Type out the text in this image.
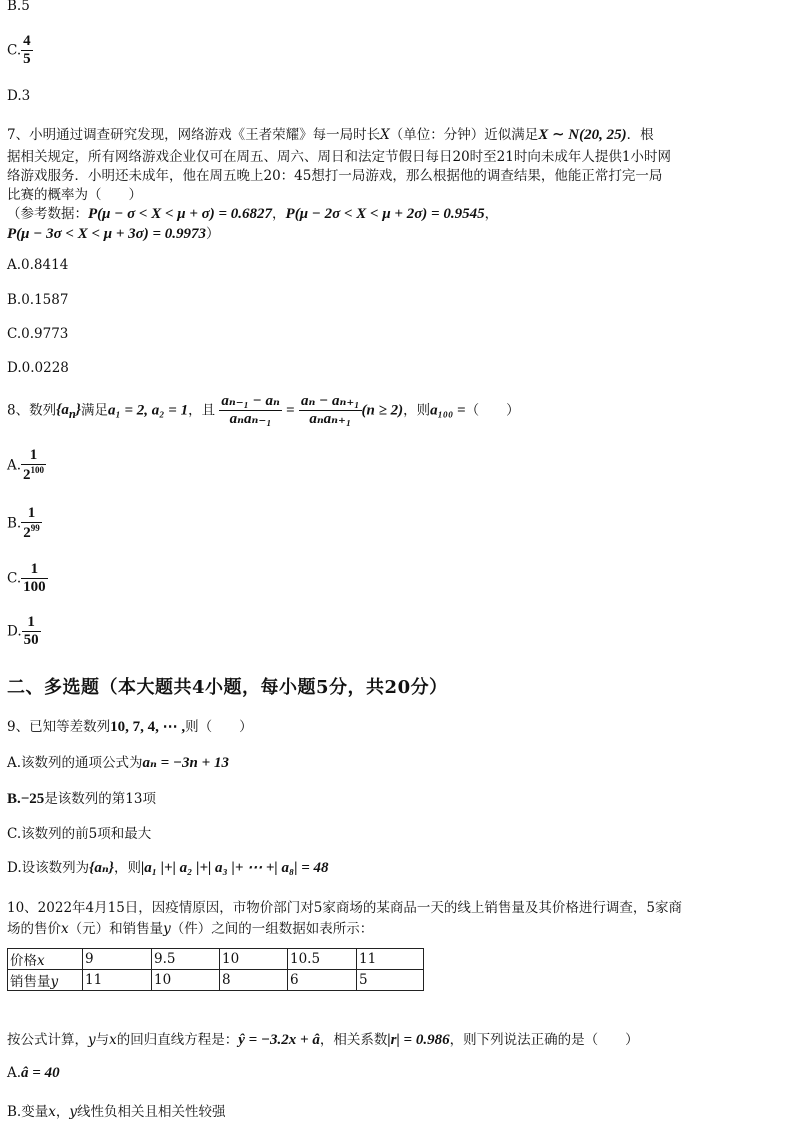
B.5
C. $\frac{4}{5}$
D.3
7、小明通过调查研究发现，网络游戏《王者荣耀》每一局时长X（单位：分钟）近似满足X ∼ N(20, 25)．根
据相关规定，所有网络游戏企业仅可在周五、周六、周日和法定节假日每日20时至21时向未成年人提供1小时网
络游戏服务．小明还未成年，他在周五晚上20：45想打一局游戏，那么根据他的调查结果，他能正常打完一局
比赛的概率为（　　）
（参考数据：P(μ − σ < X < μ + σ) = 0.6827，P(μ − 2σ < X < μ + 2σ) = 0.9545，
P(μ − 3σ < X < μ + 3σ) = 0.9973）
A.0.8414
B.0.1587
C.0.9773
D.0.0228
8、数列$\{a_n\}$满足a₁ = 2, a₂ = 1，且 $\frac{\text{aₙ₋₁ − aₙ}}{\text{aₙaₙ₋₁}} = \frac{\text{aₙ − aₙ₊₁}}{\text{aₙaₙ₊₁}} (n \ge 2)$，则a₁₀₀ =（　　）
A. $\frac{1}{2^{100}}$
B. $\frac{1}{2^{99}}$
C. $\frac{1}{100}$
D. $\frac{1}{50}$
二、多选题（本大题共4小题，每小题5分，共20分）
9、已知等差数列10, 7, 4, ⋯ ,则（　　）
A.该数列的通项公式为aₙ = −3n + 13
B.−25是该数列的第13项
C.该数列的前5项和最大
D.设该数列为{aₙ}，则|a₁ |+| a₂ |+| a₃ |+ ⋯ +| a₈| = 48
10、2022年4月15日，因疫情原因，市物价部门对5家商场的某商品一天的线上销售量及其价格进行调查，5家商
场的售价x（元）和销售量y（件）之间的一组数据如表所示：
价格x	9	9.5	10	10.5	11
销售量y	11	10	8	6	5
按公式计算，y与x的回归直线方程是：ŷ = −3.2x + â，相关系数|r| = 0.986，则下列说法正确的是（　　）
A.â = 40
B.变量x，y线性负相关且相关性较强
